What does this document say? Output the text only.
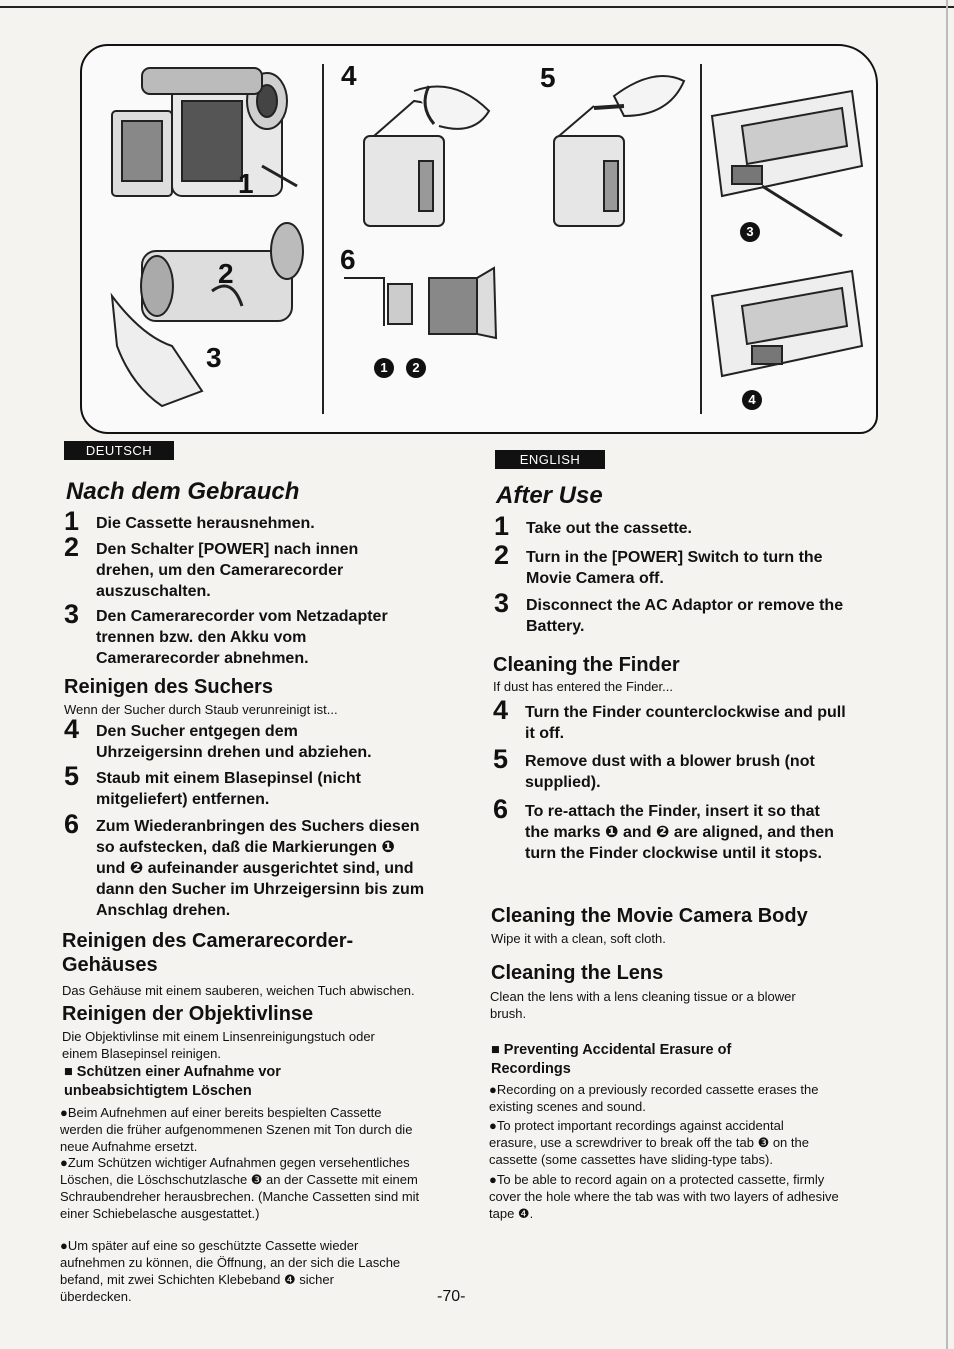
1
2
3
4	5
6
1	2
3
4
DEUTSCH
Nach dem Gebrauch
1 Die Cassette herausnehmen.
2 Den Schalter [POWER] nach innen drehen, um den Camerarecorder auszuschalten.
3 Den Camerarecorder vom Netzadapter trennen bzw. den Akku vom Camerarecorder abnehmen.
Reinigen des Suchers
Wenn der Sucher durch Staub verunreinigt ist...
4 Den Sucher entgegen dem Uhrzeigersinn drehen und abziehen.
5 Staub mit einem Blasepinsel (nicht mitgeliefert) entfernen.
6 Zum Wiederanbringen des Suchers diesen so aufstecken, daß die Markierungen ❶ und ❷ aufeinander ausgerichtet sind, und dann den Sucher im Uhrzeigersinn bis zum Anschlag drehen.
Reinigen des Camerarecorder-Gehäuses
Das Gehäuse mit einem sauberen, weichen Tuch abwischen.
Reinigen der Objektivlinse
Die Objektivlinse mit einem Linsenreinigungstuch oder einem Blasepinsel reinigen.
■ Schützen einer Aufnahme vor unbeabsichtigtem Löschen
●Beim Aufnehmen auf einer bereits bespielten Cassette werden die früher aufgenommenen Szenen mit Ton durch die neue Aufnahme ersetzt.
●Zum Schützen wichtiger Aufnahmen gegen versehentliches Löschen, die Löschschutzlasche ❸ an der Cassette mit einem Schraubendreher herausbrechen. (Manche Cassetten sind mit einer Schiebelasche ausgestattet.)
●Um später auf eine so geschützte Cassette wieder aufnehmen zu können, die Öffnung, an der sich die Lasche befand, mit zwei Schichten Klebeband ❹ sicher überdecken.
ENGLISH
After Use
1 Take out the cassette.
2 Turn in the [POWER] Switch to turn the Movie Camera off.
3 Disconnect the AC Adaptor or remove the Battery.
Cleaning the Finder
If dust has entered the Finder...
4 Turn the Finder counterclockwise and pull it off.
5 Remove dust with a blower brush (not supplied).
6 To re-attach the Finder, insert it so that the marks ❶ and ❷ are aligned, and then turn the Finder clockwise until it stops.
Cleaning the Movie Camera Body
Wipe it with a clean, soft cloth.
Cleaning the Lens
Clean the lens with a lens cleaning tissue or a blower brush.
■ Preventing Accidental Erasure of Recordings
●Recording on a previously recorded cassette erases the existing scenes and sound.
●To protect important recordings against accidental erasure, use a screwdriver to break off the tab ❸ on the cassette (some cassettes have sliding-type tabs).
●To be able to record again on a protected cassette, firmly cover the hole where the tab was with two layers of adhesive tape ❹.
-70-
